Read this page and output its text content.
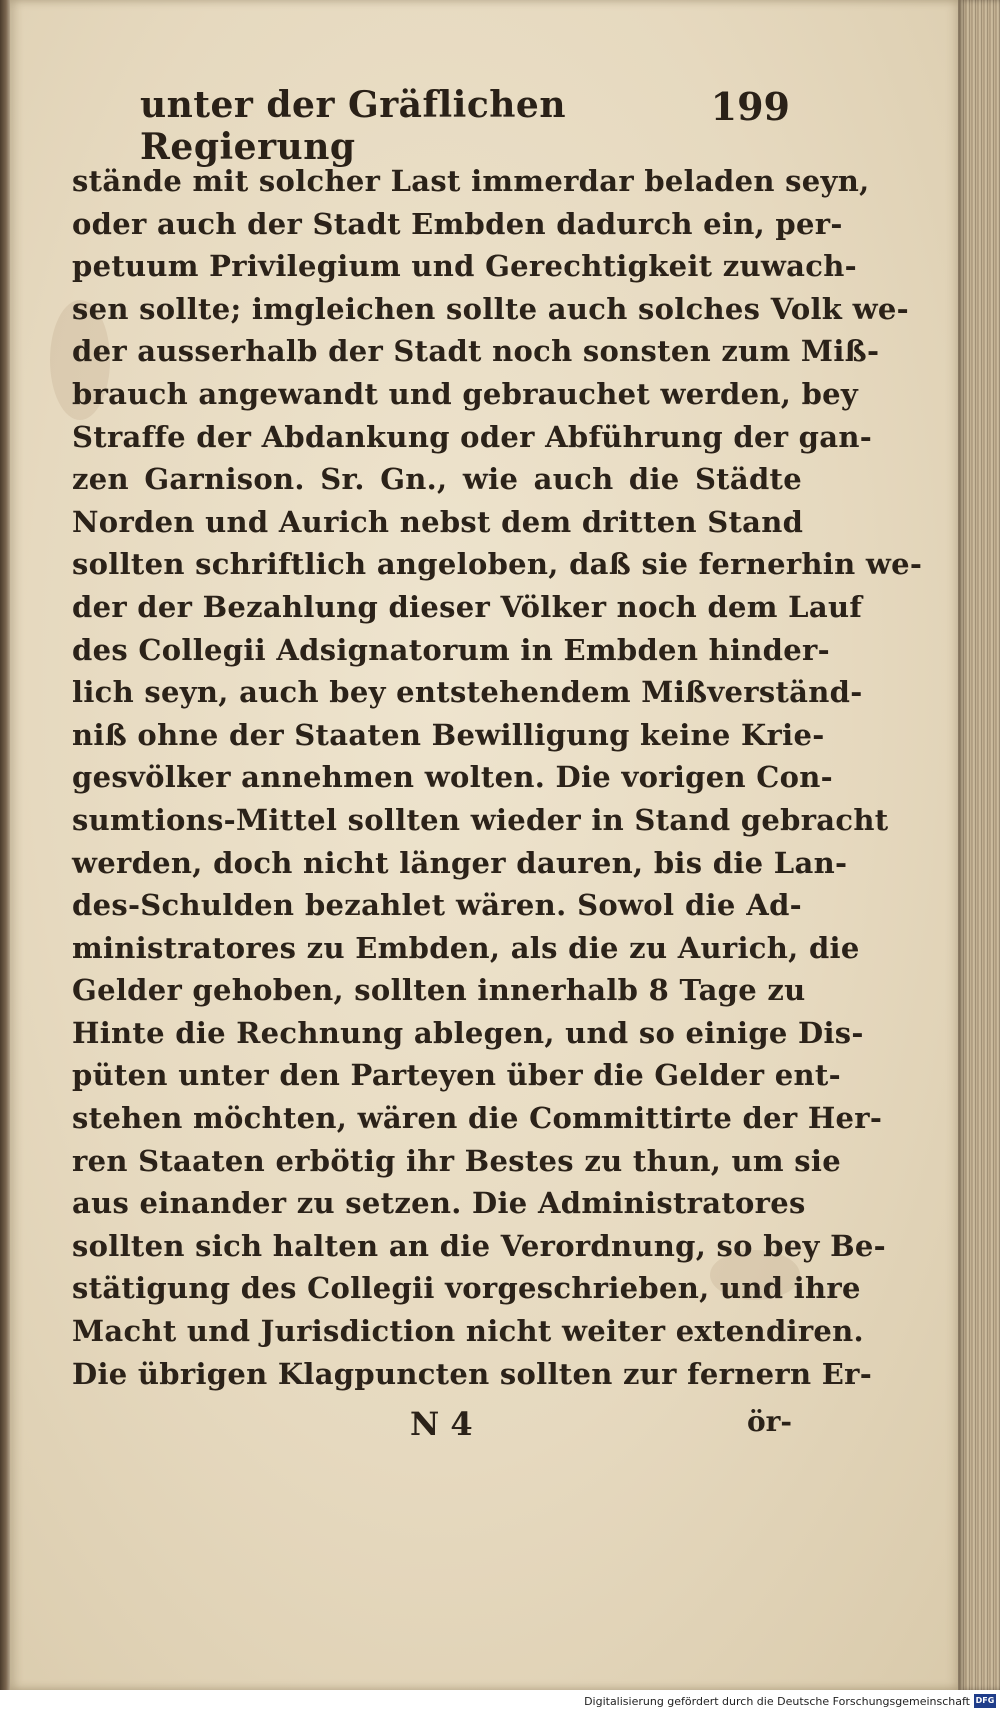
unter der Gräflichen Regierung
199
stände mit solcher Last immerdar beladen seyn,
oder auch der Stadt Embden dadurch ein, per-
petuum Privilegium und Gerechtigkeit zuwach-
sen sollte; imgleichen sollte auch solches Volk we-
der ausserhalb der Stadt noch sonsten zum Miß-
brauch angewandt und gebrauchet werden, bey
Straffe der Abdankung oder Abführung der gan-
zen Garnison. Sr. Gn., wie auch die Städte
Norden und Aurich nebst dem dritten Stand
sollten schriftlich angeloben, daß sie fernerhin we-
der der Bezahlung dieser Völker noch dem Lauf
des Collegii Adsignatorum in Embden hinder-
lich seyn, auch bey entstehendem Mißverständ-
niß ohne der Staaten Bewilligung keine Krie-
gesvölker annehmen wolten. Die vorigen Con-
sumtions-Mittel sollten wieder in Stand gebracht
werden, doch nicht länger dauren, bis die Lan-
des-Schulden bezahlet wären. Sowol die Ad-
ministratores zu Embden, als die zu Aurich, die
Gelder gehoben, sollten innerhalb 8 Tage zu
Hinte die Rechnung ablegen, und so einige Dis-
püten unter den Parteyen über die Gelder ent-
stehen möchten, wären die Committirte der Her-
ren Staaten erbötig ihr Bestes zu thun, um sie
aus einander zu setzen. Die Administratores
sollten sich halten an die Verordnung, so bey Be-
stätigung des Collegii vorgeschrieben, und ihre
Macht und Jurisdiction nicht weiter extendiren.
Die übrigen Klagpuncten sollten zur fernern Er-
N 4	ör-
Digitalisierung gefördert durch die Deutsche Forschungsgemeinschaft DFG
